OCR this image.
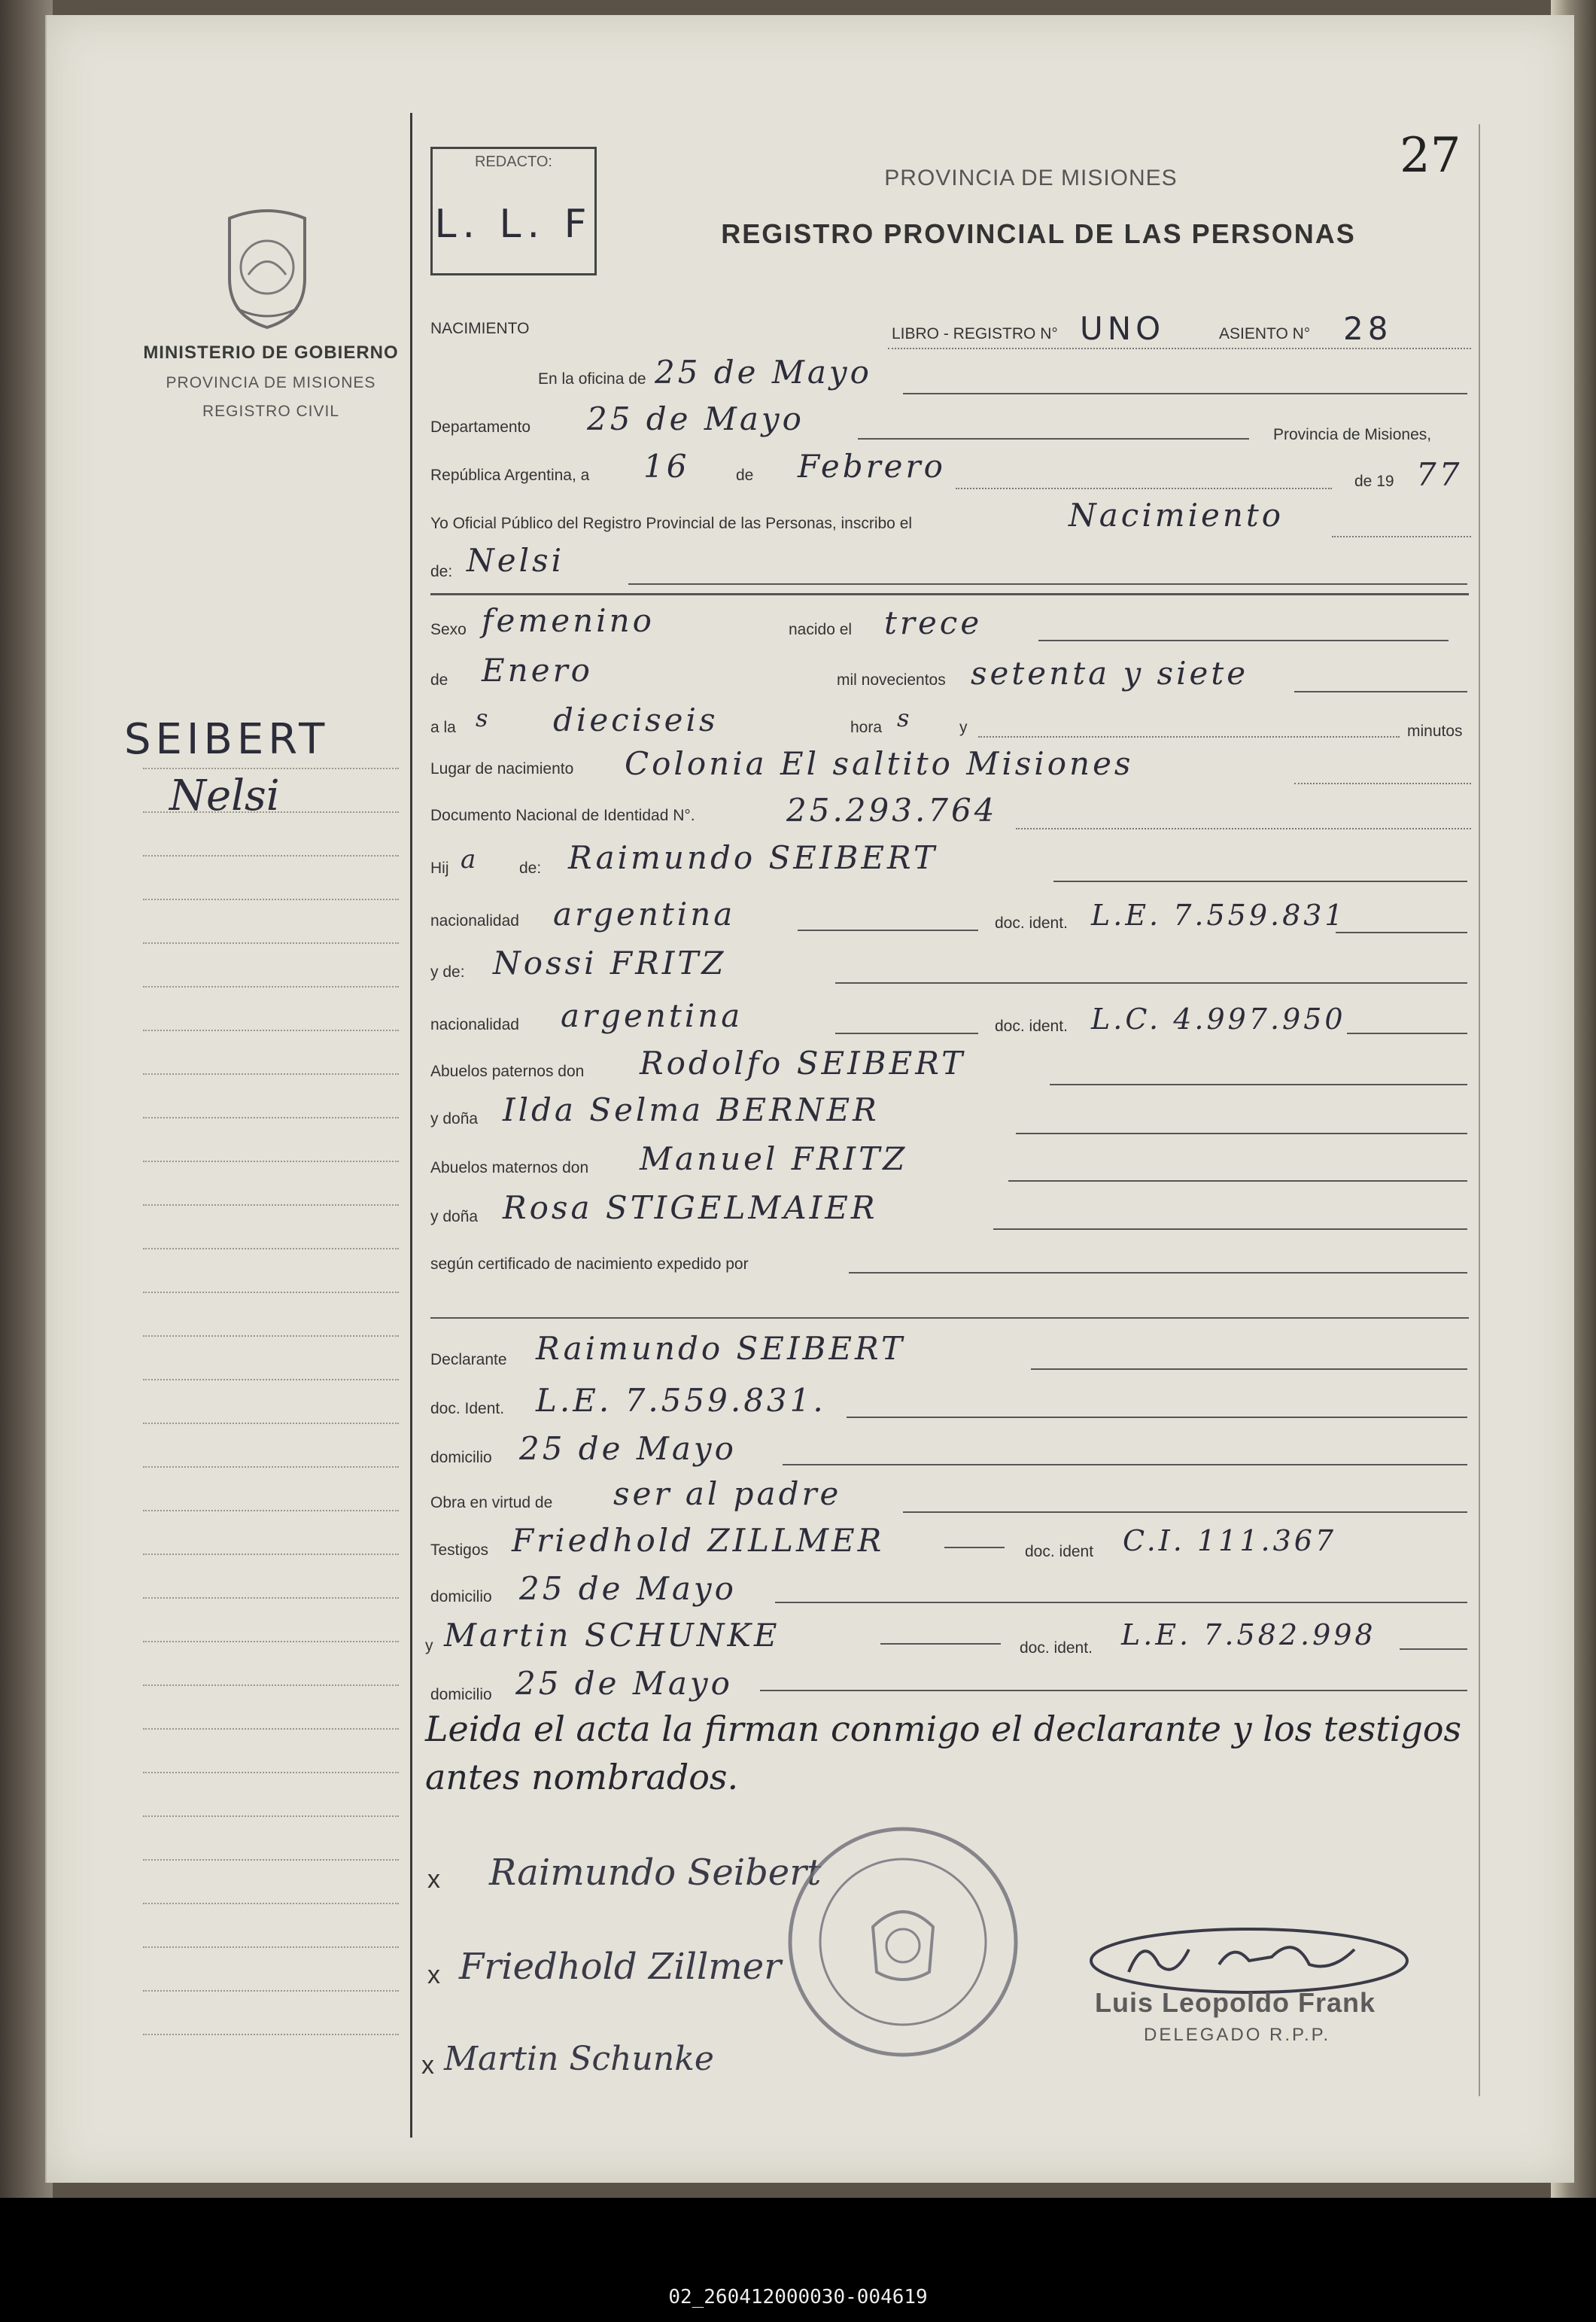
MINISTERIO DE GOBIERNO
PROVINCIA DE MISIONES
REGISTRO CIVIL
SEIBERT
Nelsi
REDACTO:
L. L. F
27
PROVINCIA DE MISIONES
REGISTRO PROVINCIAL DE LAS PERSONAS
NACIMIENTO	LIBRO - REGISTRO N° UNO	ASIENTO N° 28
En la oficina de 25 de Mayo
Departamento 25 de Mayo	Provincia de Misiones,
República Argentina, a 16	de Febrero	de 19 77
Yo Oficial Público del Registro Provincial de las Personas, inscribo el	Nacimiento
de: Nelsi
Sexo femenino	nacido el trece
de Enero	mil novecientos setenta y siete
a la s dieciseis	hora s	y	minutos
Lugar de nacimiento Colonia El saltito Misiones
Documento Nacional de Identidad N°.	25.293.764
Hij a	de: Raimundo SEIBERT
nacionalidad argentina	doc. ident. L.E. 7.559.831
y de: Nossi FRITZ
nacionalidad argentina	doc. ident. L.C. 4.997.950
Abuelos paternos don Rodolfo SEIBERT
y doña Ilda Selma BERNER
Abuelos maternos don Manuel FRITZ
y doña Rosa STIGELMAIER
según certificado de nacimiento expedido por
Declarante Raimundo SEIBERT
doc. Ident. L.E. 7.559.831.
domicilio 25 de Mayo
Obra en virtud de ser al padre
Testigos Friedhold ZILLMER	doc. ident C.I. 111.367
domicilio 25 de Mayo
y Martin SCHUNKE	doc. ident. L.E. 7.582.998
domicilio 25 de Mayo
Leida el acta la firman conmigo el declarante y los testigos antes nombrados.
x Raimundo Seibert
x Friedhold Zillmer
x Martin Schunke
Luis Leopoldo Frank
DELEGADO R.P.P.
02_260412000030-004619
